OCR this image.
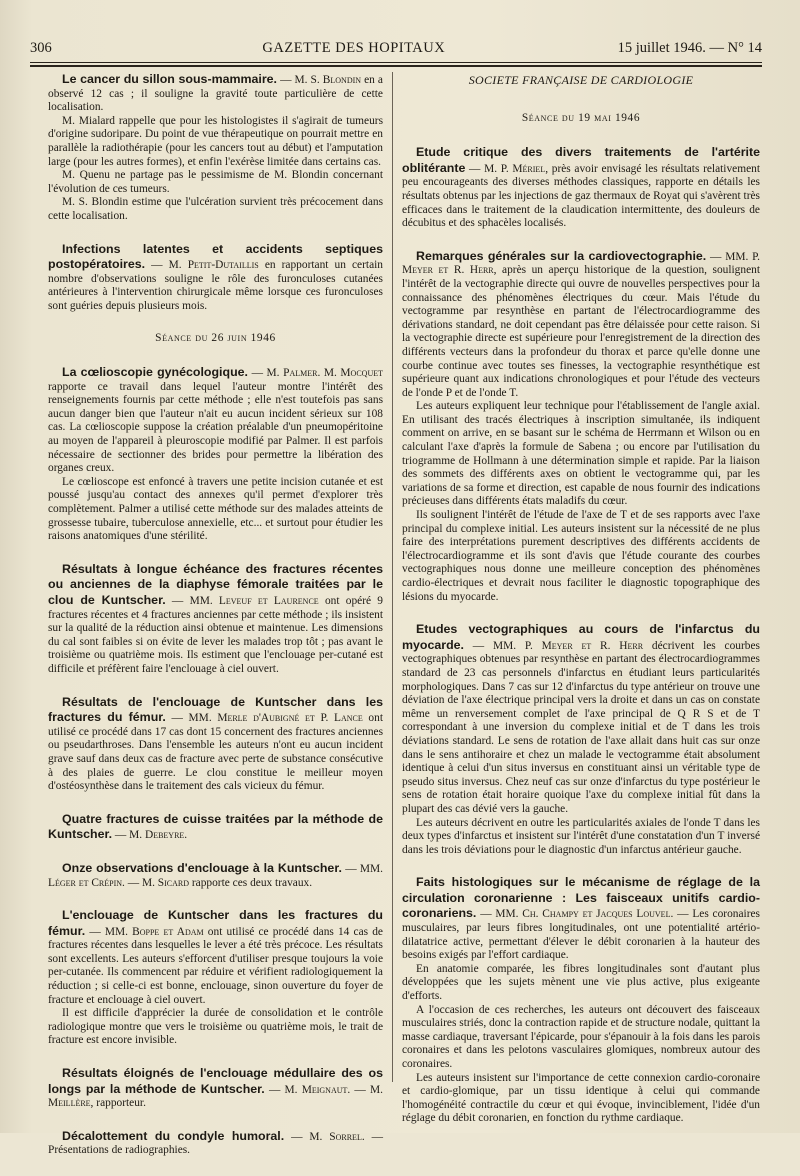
306	GAZETTE DES HOPITAUX	15 juillet 1946. — N° 14

Le cancer du sillon sous-mammaire. — M. S. Blondin en a observé 12 cas ; il souligne la gravité toute particulière de cette localisation.

M. Mialard rappelle que pour les histologistes il s'agirait de tumeurs d'origine sudoripare. Du point de vue thérapeutique on pourrait mettre en parallèle la radiothérapie (pour les cancers tout au début) et l'amputation large (pour les autres formes), et enfin l'exérèse limitée dans certains cas.

M. Quenu ne partage pas le pessimisme de M. Blondin concernant l'évolution de ces tumeurs.

M. S. Blondin estime que l'ulcération survient très précocement dans cette localisation.

Infections latentes et accidents septiques postopératoires. — M. Petit-Dutaillis en rapportant un certain nombre d'observations souligne le rôle des furonculoses cutanées antérieures à l'intervention chirurgicale même lorsque ces furonculoses sont guéries depuis plusieurs mois.

Séance du 26 juin 1946

La cœlioscopie gynécologique. — M. Palmer. M. Mocquet rapporte ce travail dans lequel l'auteur montre l'intérêt des renseignements fournis par cette méthode ; elle n'est toutefois pas sans aucun danger bien que l'auteur n'ait eu aucun incident sérieux sur 108 cas. La cœlioscopie suppose la création préalable d'un pneumopéritoine au moyen de l'appareil à pleuroscopie modifié par Palmer. Il est parfois nécessaire de sectionner des brides pour permettre la libération des organes creux.

Le cœlioscope est enfoncé à travers une petite incision cutanée et est poussé jusqu'au contact des annexes qu'il permet d'explorer très complètement. Palmer a utilisé cette méthode sur des malades atteints de grossesse tubaire, tuberculose annexielle, etc... et surtout pour étudier les raisons anatomiques d'une stérilité.

Résultats à longue échéance des fractures récentes ou anciennes de la diaphyse fémorale traitées par le clou de Kuntscher. — MM. Leveuf et Laurence ont opéré 9 fractures récentes et 4 fractures anciennes par cette méthode ; ils insistent sur la qualité de la réduction ainsi obtenue et maintenue. Les dimensions du cal sont faibles si on évite de lever les malades trop tôt ; pas avant le troisième ou quatrième mois. Ils estiment que l'enclouage per-cutané est difficile et préfèrent faire l'enclouage à ciel ouvert.

Résultats de l'enclouage de Kuntscher dans les fractures du fémur. — MM. Merle d'Aubigné et P. Lance ont utilisé ce procédé dans 17 cas dont 15 concernent des fractures anciennes ou pseudarthroses. Dans l'ensemble les auteurs n'ont eu aucun incident grave sauf dans deux cas de fracture avec perte de substance consécutive à des plaies de guerre. Le clou constitue le meilleur moyen d'ostéosynthèse dans le traitement des cals vicieux du fémur.

Quatre fractures de cuisse traitées par la méthode de Kuntscher. — M. Debeyre.

Onze observations d'enclouage à la Kuntscher. — MM. Léger et Crépin. — M. Sicard rapporte ces deux travaux.

L'enclouage de Kuntscher dans les fractures du fémur. — MM. Boppe et Adam ont utilisé ce procédé dans 14 cas de fractures récentes dans lesquelles le lever a été très précoce. Les résultats sont excellents. Les auteurs s'efforcent d'utiliser presque toujours la voie per-cutanée. Ils commencent par réduire et vérifient radiologiquement la réduction ; si celle-ci est bonne, enclouage, sinon ouverture du foyer de fracture et enclouage à ciel ouvert.

Il est difficile d'apprécier la durée de consolidation et le contrôle radiologique montre que vers le troisième ou quatrième mois, le trait de fracture est encore invisible.

Résultats éloignés de l'enclouage médullaire des os longs par la méthode de Kuntscher. — M. Meignaut. — M. Meillère, rapporteur.

Décalottement du condyle humoral. — M. Sorrel. — Présentations de radiographies.

SOCIETE FRANÇAISE DE CARDIOLOGIE
Séance du 19 mai 1946

Etude critique des divers traitements de l'artérite oblitérante — M. P. Mériel, près avoir envisagé les résultats relativement peu encourageants des diverses méthodes classiques, rapporte en détails les résultats obtenus par les injections de gaz thermaux de Royat qui s'avèrent très efficaces dans le traitement de la claudication intermittente, des douleurs de décubitus et des sphacèles localisés.

Remarques générales sur la cardiovectographie. — MM. P. Meyer et R. Herr, après un aperçu historique de la question, soulignent l'intérêt de la vectographie directe qui ouvre de nouvelles perspectives pour la connaissance des phénomènes électriques du cœur. Mais l'étude du vectogramme par resynthèse en partant de l'électrocardiogramme des dérivations standard, ne doit cependant pas être délaissée pour cette raison. Si la vectographie directe est supérieure pour l'enregistrement de la direction des différents vecteurs dans la profondeur du thorax et parce qu'elle donne une courbe continue avec toutes ses finesses, la vectographie resynthétique est supérieure quant aux indications chronologiques et pour l'étude des vecteurs de l'onde P et de l'onde T.

Les auteurs expliquent leur technique pour l'établissement de l'angle axial. En utilisant des tracés électriques à inscription simultanée, ils indiquent comment on arrive, en se basant sur le schéma de Herrmann et Wilson ou en calculant l'axe d'après la formule de Sabena ; ou encore par l'utilisation du triogramme de Hollmann à une détermination simple et rapide. Par la liaison des sommets des différents axes on obtient le vectogramme qui, par les variations de sa forme et direction, est capable de nous fournir des indications précieuses dans différents états maladifs du cœur.

Ils soulignent l'intérêt de l'étude de l'axe de T et de ses rapports avec l'axe principal du complexe initial. Les auteurs insistent sur la nécessité de ne plus faire des interprétations purement descriptives des différents accidents de l'électrocardiogramme et ils sont d'avis que l'étude courante des courbes vectographiques nous donne une meilleure conception des phénomènes cardio-électriques et devrait nous faciliter le diagnostic topographique des lésions du myocarde.

Etudes vectographiques au cours de l'infarctus du myocarde. — MM. P. Meyer et R. Herr décrivent les courbes vectographiques obtenues par resynthèse en partant des électrocardiogrammes standard de 23 cas personnels d'infarctus en étudiant leurs particularités morphologiques. Dans 7 cas sur 12 d'infarctus du type antérieur on trouve une déviation de l'axe électrique principal vers la droite et dans un cas on constate même un renversement complet de l'axe principal de Q R S et de T correspondant à une inversion du complexe initial et de T dans les trois déviations standard. Le sens de rotation de l'axe allait dans huit cas sur onze dans le sens antihoraire et chez un malade le vectogramme était absolument identique à celui d'un situs inversus en constituant ainsi un véritable type de pseudo situs inversus. Chez neuf cas sur onze d'infarctus du type postérieur le sens de rotation était horaire quoique l'axe du complexe initial fût dans la plupart des cas dévié vers la gauche.

Les auteurs décrivent en outre les particularités axiales de l'onde T dans les deux types d'infarctus et insistent sur l'intérêt d'une constatation d'un T inversé dans les trois déviations pour le diagnostic d'un infarctus antérieur gauche.

Faits histologiques sur le mécanisme de réglage de la circulation coronarienne : Les faisceaux unitifs cardio-coronariens. — MM. Ch. Champy et Jacques Louvel. — Les coronaires musculaires, par leurs fibres longitudinales, ont une potentialité artério-dilatatrice active, permettant d'élever le débit coronarien à la hauteur des besoins exigés par l'effort cardiaque.

En anatomie comparée, les fibres longitudinales sont d'autant plus développées que les sujets mènent une vie plus active, plus exigeante d'efforts.

A l'occasion de ces recherches, les auteurs ont découvert des faisceaux musculaires striés, donc la contraction rapide et de structure nodale, quittant la masse cardiaque, traversant l'épicarde, pour s'épanouir à la fois dans les parois coronaires et dans les pelotons vasculaires glomiques, nombreux autour des coronaires.

Les auteurs insistent sur l'importance de cette connexion cardio-coronaire et cardio-glomique, par un tissu identique à celui qui commande l'homogénéité contractile du cœur et qui évoque, invinciblement, l'idée d'un réglage du débit coronarien, en fonction du rythme cardiaque.
